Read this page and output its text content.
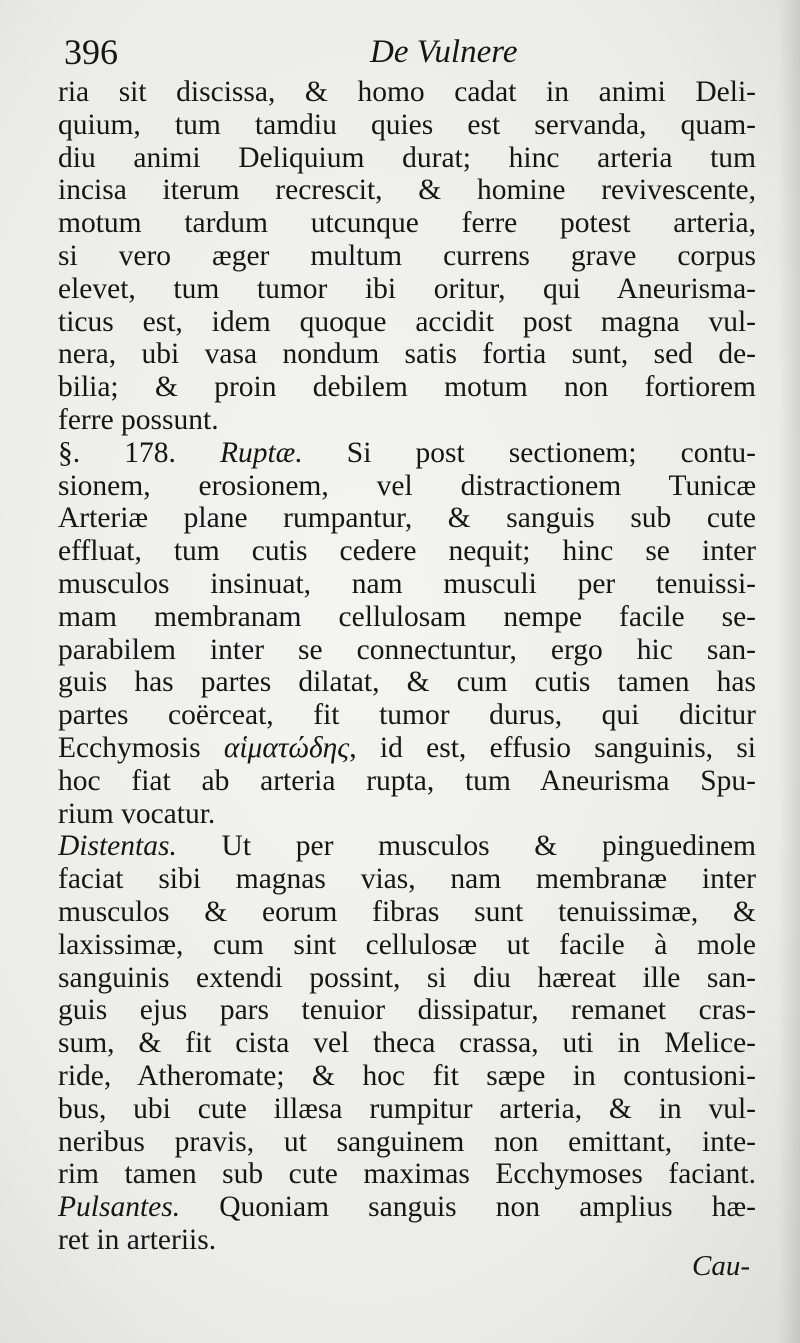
396	De Vulnere
ria sit discissa, & homo cadat in animi Deli-
quium, tum tamdiu quies est servanda, quam-
diu animi Deliquium durat; hinc arteria tum
incisa iterum recrescit, & homine revivescente,
motum tardum utcunque ferre potest arteria,
si vero æger multum currens grave corpus
elevet, tum tumor ibi oritur, qui Aneurisma-
ticus est, idem quoque accidit post magna vul-
nera, ubi vasa nondum satis fortia sunt, sed de-
bilia; & proin debilem motum non fortiorem
ferre possunt.
§. 178. Ruptæ. Si post sectionem; contu-
sionem, erosionem, vel distractionem Tunicæ
Arteriæ plane rumpantur, & sanguis sub cute
effluat, tum cutis cedere nequit; hinc se inter
musculos insinuat, nam musculi per tenuissi-
mam membranam cellulosam nempe facile se-
parabilem inter se connectuntur, ergo hic san-
guis has partes dilatat, & cum cutis tamen has
partes coërceat, fit tumor durus, qui dicitur
Ecchymosis αἱματώδης, id est, effusio sanguinis, si
hoc fiat ab arteria rupta, tum Aneurisma Spu-
rium vocatur.
Distentas. Ut per musculos & pinguedinem
faciat sibi magnas vias, nam membranæ inter
musculos & eorum fibras sunt tenuissimæ, &
laxissimæ, cum sint cellulosæ ut facile à mole
sanguinis extendi possint, si diu hæreat ille san-
guis ejus pars tenuior dissipatur, remanet cras-
sum, & fit cista vel theca crassa, uti in Melice-
ride, Atheromate; & hoc fit sæpe in contusioni-
bus, ubi cute illæsa rumpitur arteria, & in vul-
neribus pravis, ut sanguinem non emittant, inte-
rim tamen sub cute maximas Ecchymoses faciant.
Pulsantes. Quoniam sanguis non amplius hæ-
ret in arteriis.
Cau-
